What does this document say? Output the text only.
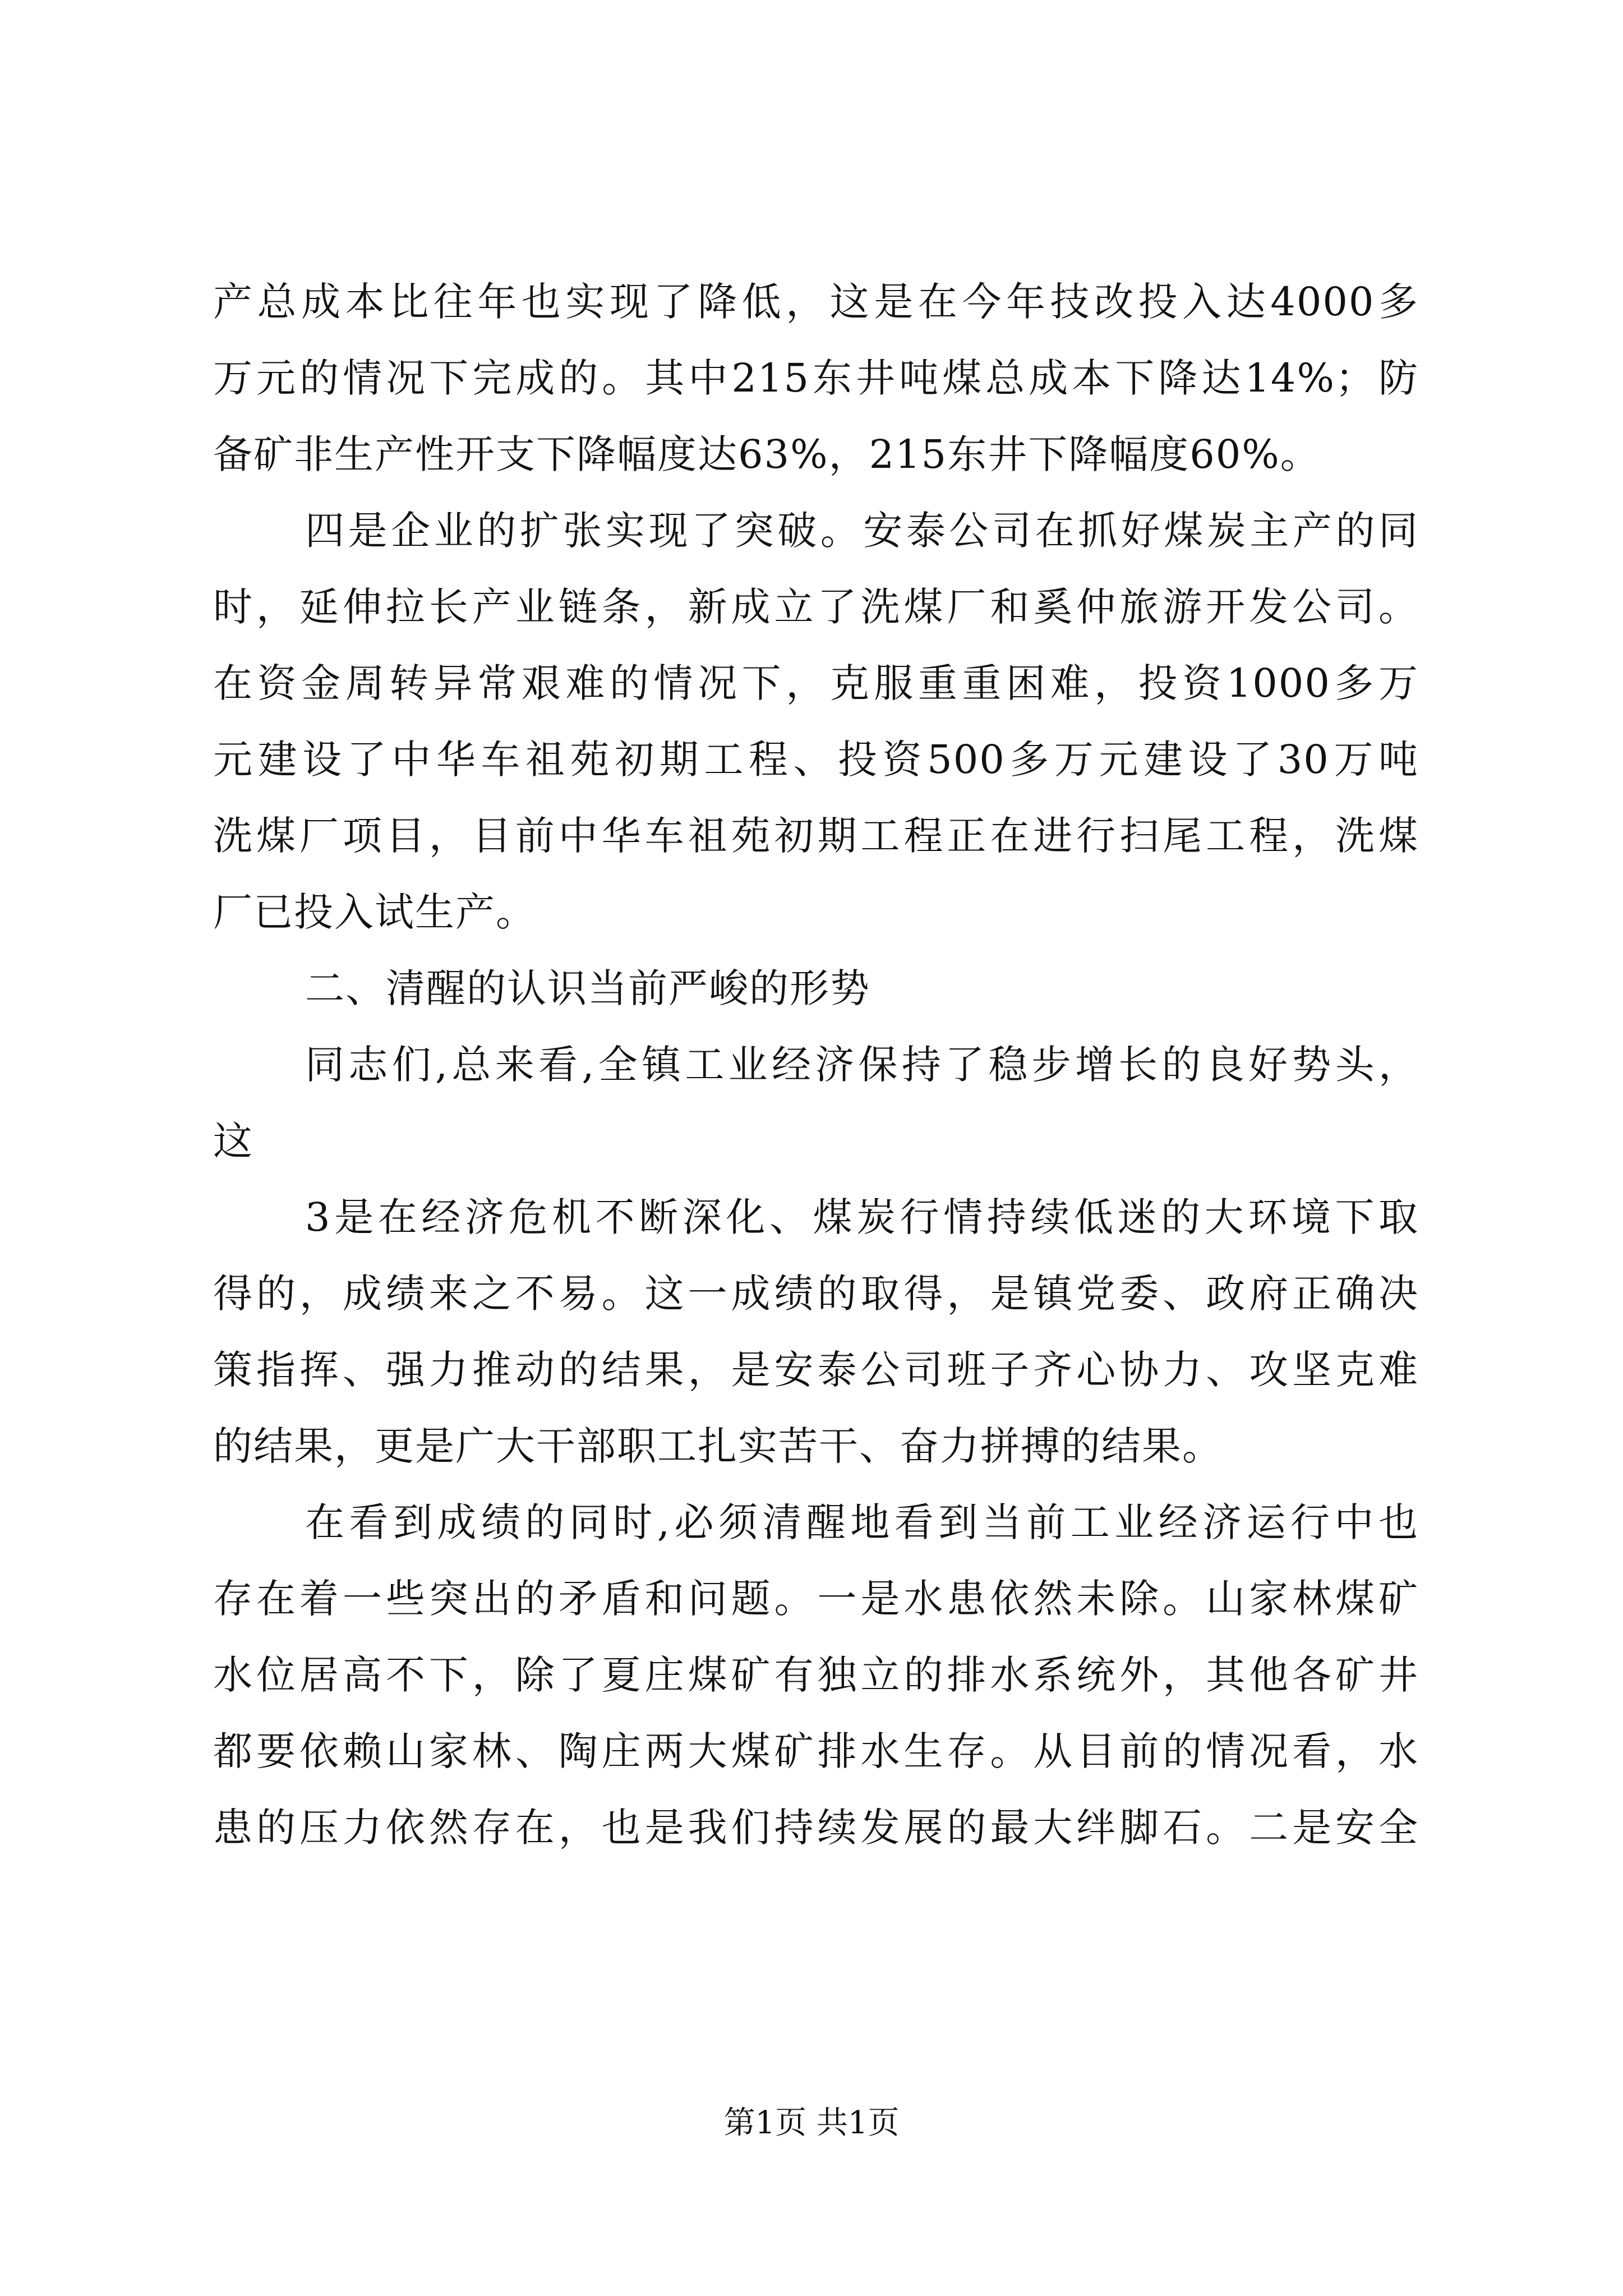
产总成本比往年也实现了降低，这是在今年技改投入达4000多
万元的情况下完成的。其中215东井吨煤总成本下降达14%；防
备矿非生产性开支下降幅度达63%，215东井下降幅度60%。
四是企业的扩张实现了突破。安泰公司在抓好煤炭主产的同
时，延伸拉长产业链条，新成立了洗煤厂和奚仲旅游开发公司。
在资金周转异常艰难的情况下，克服重重困难，投资1000多万
元建设了中华车祖苑初期工程、投资500多万元建设了30万吨
洗煤厂项目，目前中华车祖苑初期工程正在进行扫尾工程，洗煤
厂已投入试生产。
二、清醒的认识当前严峻的形势
同志们,总来看,全镇工业经济保持了稳步增长的良好势头，
这
3是在经济危机不断深化、煤炭行情持续低迷的大环境下取
得的，成绩来之不易。这一成绩的取得，是镇党委、政府正确决
策指挥、强力推动的结果，是安泰公司班子齐心协力、攻坚克难
的结果，更是广大干部职工扎实苦干、奋力拼搏的结果。
在看到成绩的同时,必须清醒地看到当前工业经济运行中也
存在着一些突出的矛盾和问题。一是水患依然未除。山家林煤矿
水位居高不下，除了夏庄煤矿有独立的排水系统外，其他各矿井
都要依赖山家林、陶庄两大煤矿排水生存。从目前的情况看，水
患的压力依然存在，也是我们持续发展的最大绊脚石。二是安全
第1页 共1页
